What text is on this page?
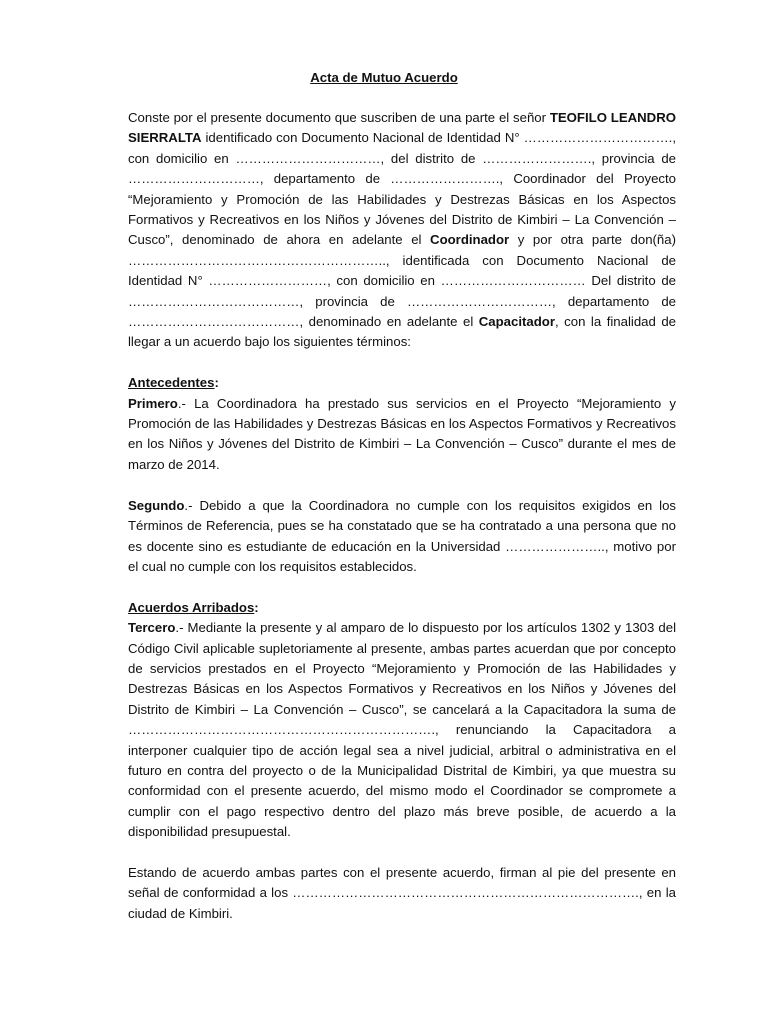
Acta de Mutuo Acuerdo

Conste por el presente documento que suscriben de una parte el señor TEOFILO LEANDRO SIERRALTA identificado con Documento Nacional de Identidad N° ……………………………., con domicilio en ……………………………, del distrito de ……………………., provincia de …………………………, departamento de ……………………., Coordinador del Proyecto “Mejoramiento y Promoción de las Habilidades y Destrezas Básicas en los Aspectos Formativos y Recreativos en los Niños y Jóvenes del Distrito de Kimbiri – La Convención – Cusco”, denominado de ahora en adelante el Coordinador y por otra parte don(ña) ………………………………………………….., identificada con Documento Nacional de Identidad N° ………………………, con domicilio en …………………………… Del distrito de …………………………………, provincia de ……………………………, departamento de …………………………………, denominado en adelante el Capacitador, con la finalidad de llegar a un acuerdo bajo los siguientes términos:

Antecedentes:

Primero.- La Coordinadora ha prestado sus servicios en el Proyecto “Mejoramiento y Promoción de las Habilidades y Destrezas Básicas en los Aspectos Formativos y Recreativos en los Niños y Jóvenes del Distrito de Kimbiri – La Convención – Cusco” durante el mes de marzo de 2014.

Segundo.- Debido a que la Coordinadora no cumple con los requisitos exigidos en los Términos de Referencia, pues se ha constatado que se ha contratado a una persona que no es docente sino es estudiante de educación en la Universidad ………………….., motivo por el cual no cumple con los requisitos establecidos.

Acuerdos Arribados:

Tercero.- Mediante la presente y al amparo de lo dispuesto por los artículos 1302 y 1303 del Código Civil aplicable supletoriamente al presente, ambas partes acuerdan que por concepto de servicios prestados en el Proyecto “Mejoramiento y Promoción de las Habilidades y Destrezas Básicas en los Aspectos Formativos y Recreativos en los Niños y Jóvenes del Distrito de Kimbiri – La Convención – Cusco”, se cancelará a la Capacitadora la suma de ……………………………………………………………., renunciando la Capacitadora a interponer cualquier tipo de acción legal sea a nivel judicial, arbitral o administrativa en el futuro en contra del proyecto o de la Municipalidad Distrital de Kimbiri, ya que muestra su conformidad con el presente acuerdo, del mismo modo el Coordinador se compromete a cumplir con el pago respectivo dentro del plazo más breve posible, de acuerdo a la disponibilidad presupuestal.

Estando de acuerdo ambas partes con el presente acuerdo, firman al pie del presente en señal de conformidad a los ……………………………………………………………………., en la ciudad de Kimbiri.
